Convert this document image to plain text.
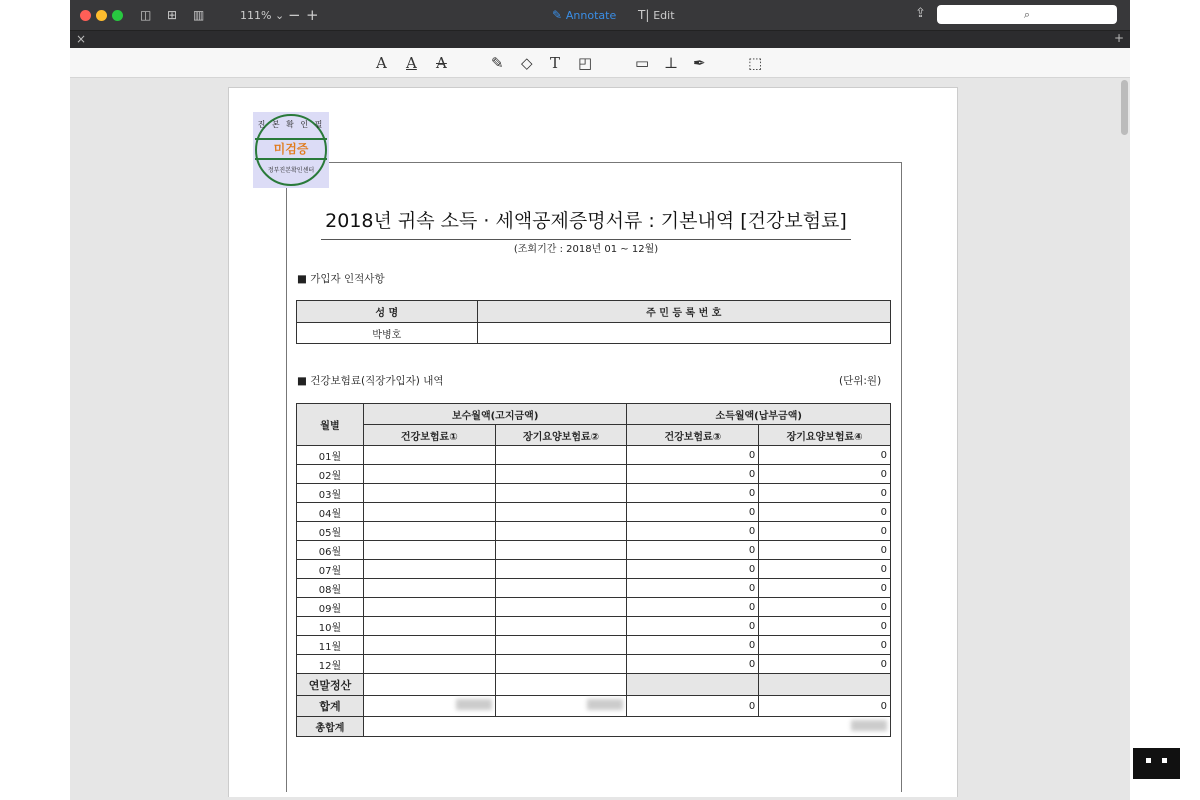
◫ ⊞ ▥	111% ⌄ − +	✎ Annotate T| Edit	⇪	⌕
×	+
A A A	✎ ◇ T ◰	▭ ⊥ ✒	⬚
진 본 확 인 필
미검증
정부진본확인센터
2018년 귀속 소득 · 세액공제증명서류 : 기본내역 [건강보험료]
(조회기간 : 2018년 01 ~ 12월)
■ 가입자 인적사항
성 명	주 민 등 록 번 호
박병호	
■ 건강보험료(직장가입자) 내역	(단위:원)
월별	보수월액(고지금액)		소득월액(납부금액)	
	건강보험료①	장기요양보험료②	건강보험료③	장기요양보험료④
01월			0	0
02월			0	0
03월			0	0
04월			0	0
05월			0	0
06월			0	0
07월			0	0
08월			0	0
09월			0	0
10월			0	0
11월			0	0
12월			0	0
연말정산				
합계			0	0
총합계				
